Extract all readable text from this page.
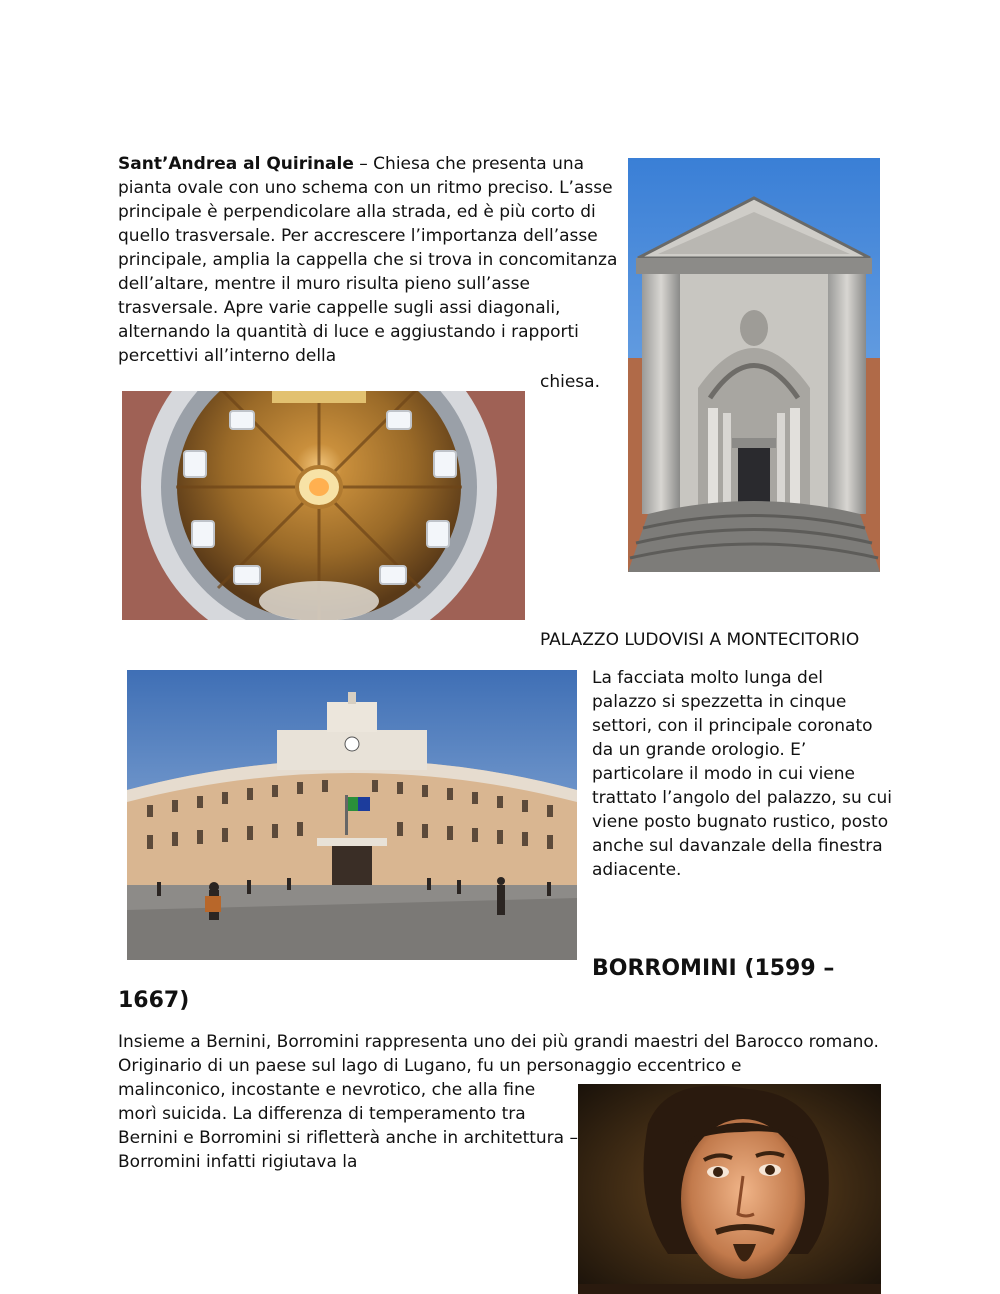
Sant’Andrea al Quirinale – Chiesa che presenta una pianta ovale con uno schema con un ritmo preciso. L’asse principale è perpendicolare alla strada, ed è più corto di quello trasversale. Per accrescere l’importanza dell’asse principale, amplia la cappella che si trova in concomitanza dell’altare, mentre il muro risulta pieno sull’asse trasversale. Apre varie cappelle sugli assi diagonali, alternando la quantità di luce e aggiustando i rapporti percettivi all’interno della
chiesa.
PALAZZO LUDOVISI A MONTECITORIO
La facciata molto lunga del palazzo si spezzetta in cinque settori, con il principale coronato da un grande orologio. E’ particolare il modo in cui viene trattato l’angolo del palazzo, su cui viene posto bugnato rustico, posto anche sul davanzale della finestra adiacente.
BORROMINI (1599 –
1667)
Insieme a Bernini, Borromini rappresenta uno dei più grandi maestri del Barocco romano. Originario di un paese sul lago di Lugano, fu un personaggio eccentrico e
malinconico, incostante e nevrotico, che alla fine morì suicida. La differenza di temperamento tra Bernini e Borromini si rifletterà anche in architettura – Borromini infatti rigiutava la
